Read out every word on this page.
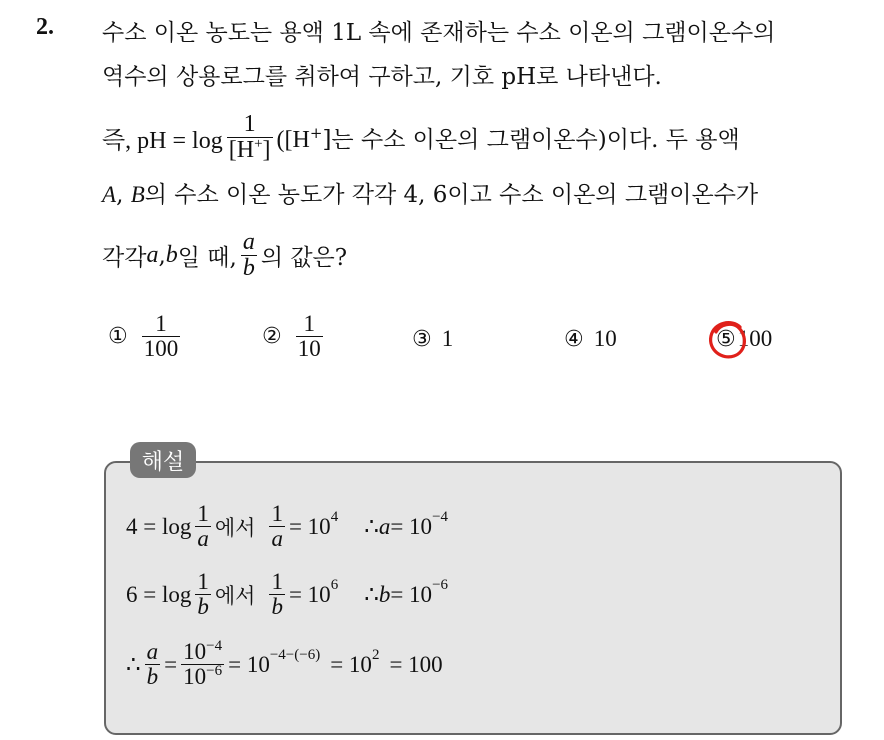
2. 수소 이온 농도는 용액 1L 속에 존재하는 수소 이온의 그램이온수의
역수의 상용로그를 취하여 구하고, 기호 pH로 나타낸다.
즉, pH = $\log \frac{1}{[H^+]} ([H^+]$는 수소 이온의 그램이온수) 이다. 두 용액
A, B의 수소 이온 농도가 각각 4, 6이고 수소 이온의 그램이온수가
각각 a , b 일 때, $\frac{a}{b}$ 의 값은?
① $\frac{1}{100}$	② $\frac{1}{10}$	③ 1	④ 10	⑤ 100
해설
$4 = \log \frac{1}{a}$ 에서 $\frac{1}{a} = 10$ 4 ∴ a = 10 −4
$6 = \log \frac{1}{b}$ 에서 $\frac{1}{b} = 10$ 6 ∴ b = 10 −6
∴ $\frac{a}{b} = \frac{10^{-4}}{10^{-6}} = 10 -4-(-6) = 10$ 2 = 100
